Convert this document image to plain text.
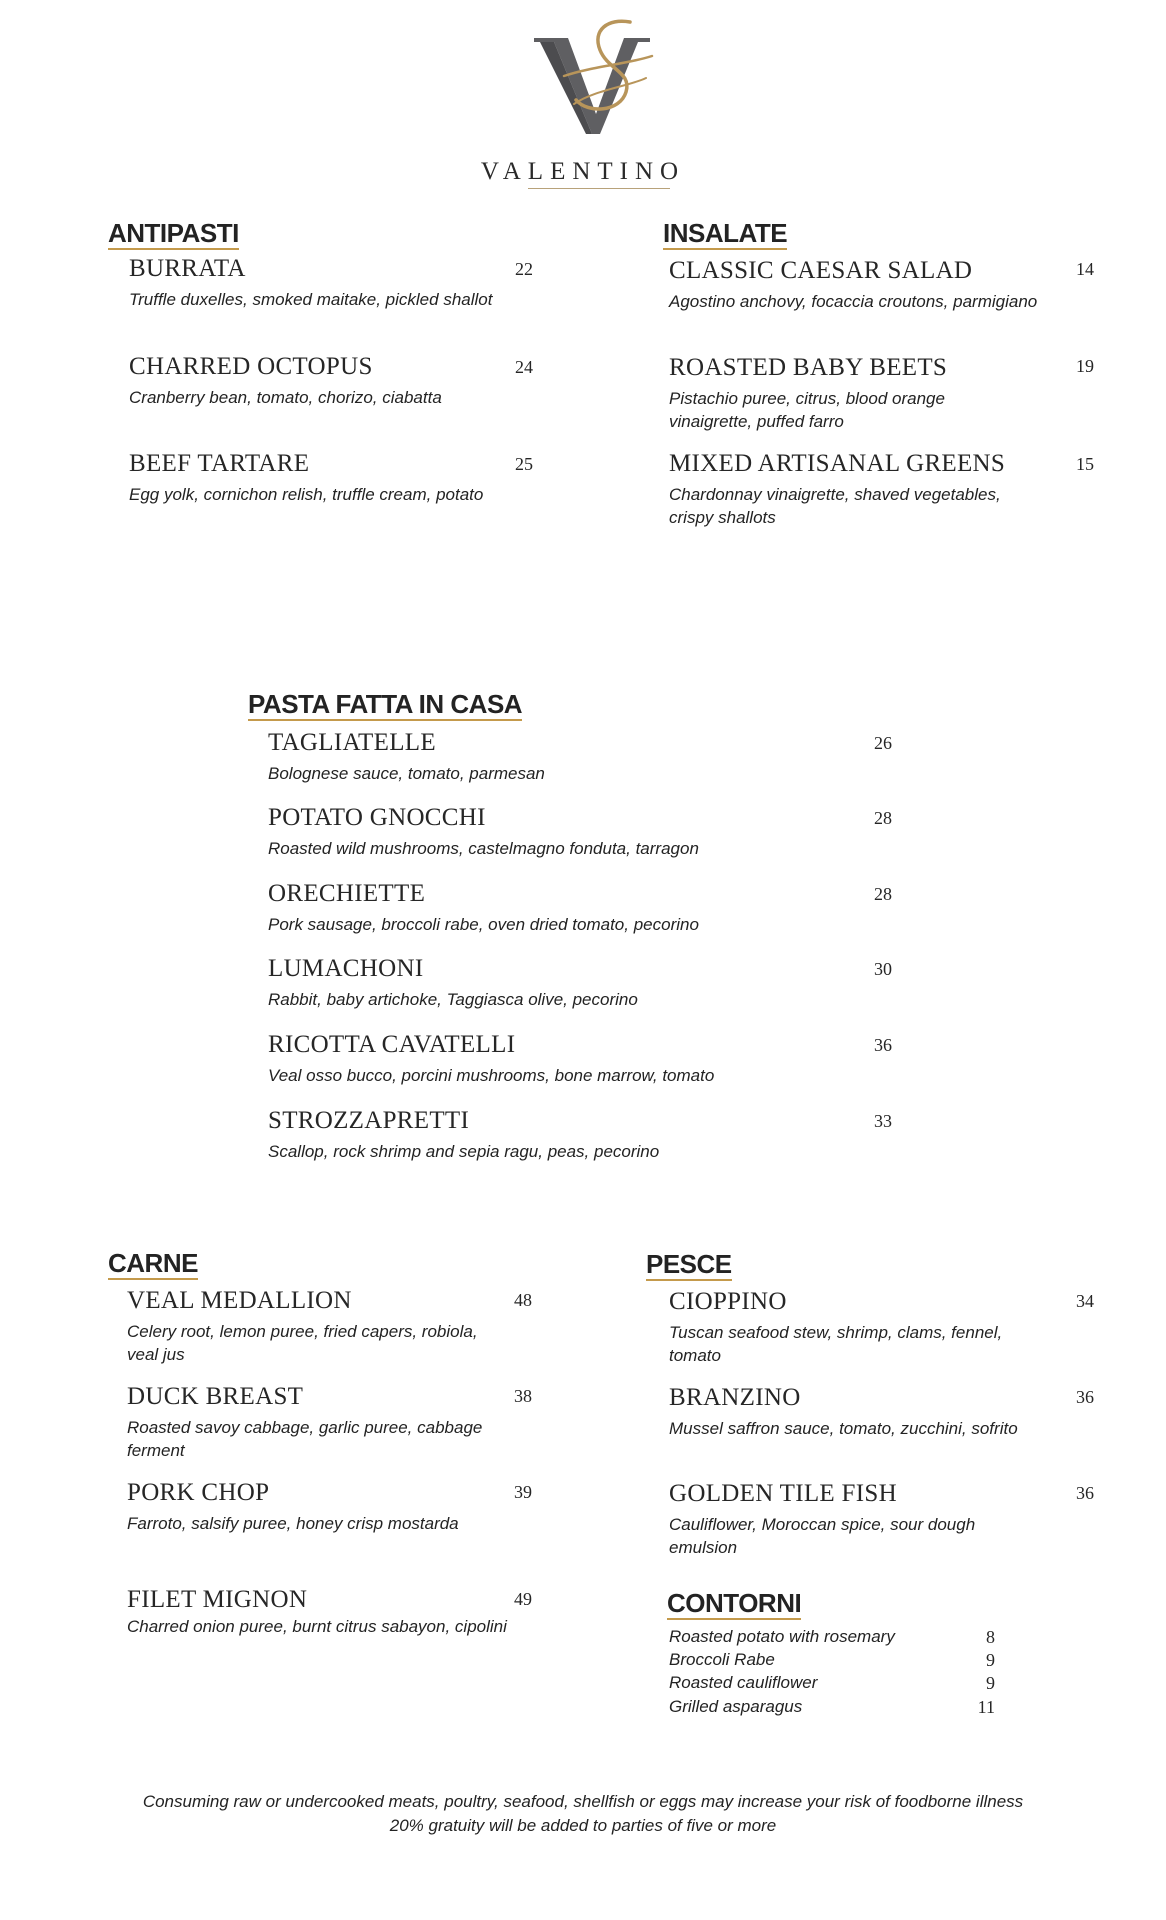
VALENTINO
ANTIPASTI
BURRATA
Truffle duxelles, smoked maitake, pickled shallot
22
CHARRED OCTOPUS
Cranberry bean, tomato, chorizo, ciabatta
24
BEEF TARTARE
Egg yolk, cornichon relish, truffle cream, potato
25
INSALATE
CLASSIC CAESAR SALAD
Agostino anchovy, focaccia croutons, parmigiano
14
ROASTED BABY BEETS
Pistachio puree, citrus, blood orange vinaigrette, puffed farro
19
MIXED ARTISANAL GREENS
Chardonnay vinaigrette, shaved vegetables, crispy shallots
15
PASTA FATTA IN CASA
TAGLIATELLE
Bolognese sauce, tomato, parmesan
26
POTATO GNOCCHI
Roasted wild mushrooms, castelmagno fonduta, tarragon
28
ORECHIETTE
Pork sausage, broccoli rabe, oven dried tomato, pecorino
28
LUMACHONI
Rabbit, baby artichoke, Taggiasca olive, pecorino
30
RICOTTA CAVATELLI
Veal osso bucco, porcini mushrooms, bone marrow, tomato
36
STROZZAPRETTI
Scallop, rock shrimp and sepia ragu, peas, pecorino
33
CARNE
VEAL MEDALLION
Celery root, lemon puree, fried capers, robiola, veal jus
48
DUCK BREAST
Roasted savoy cabbage, garlic puree, cabbage ferment
38
PORK CHOP
Farroto, salsify puree, honey crisp mostarda
39
FILET MIGNON
Charred onion puree, burnt citrus sabayon, cipolini
49
PESCE
CIOPPINO
Tuscan seafood stew, shrimp, clams, fennel, tomato
34
BRANZINO
Mussel saffron sauce, tomato, zucchini, sofrito
36
GOLDEN TILE FISH
Cauliflower, Moroccan spice, sour dough emulsion
36
CONTORNI
Roasted potato with rosemary	8
Broccoli Rabe	9
Roasted cauliflower	9
Grilled asparagus	11
Consuming raw or undercooked meats, poultry, seafood, shellfish or eggs may increase your risk of foodborne illness
20% gratuity will be added to parties of five or more
